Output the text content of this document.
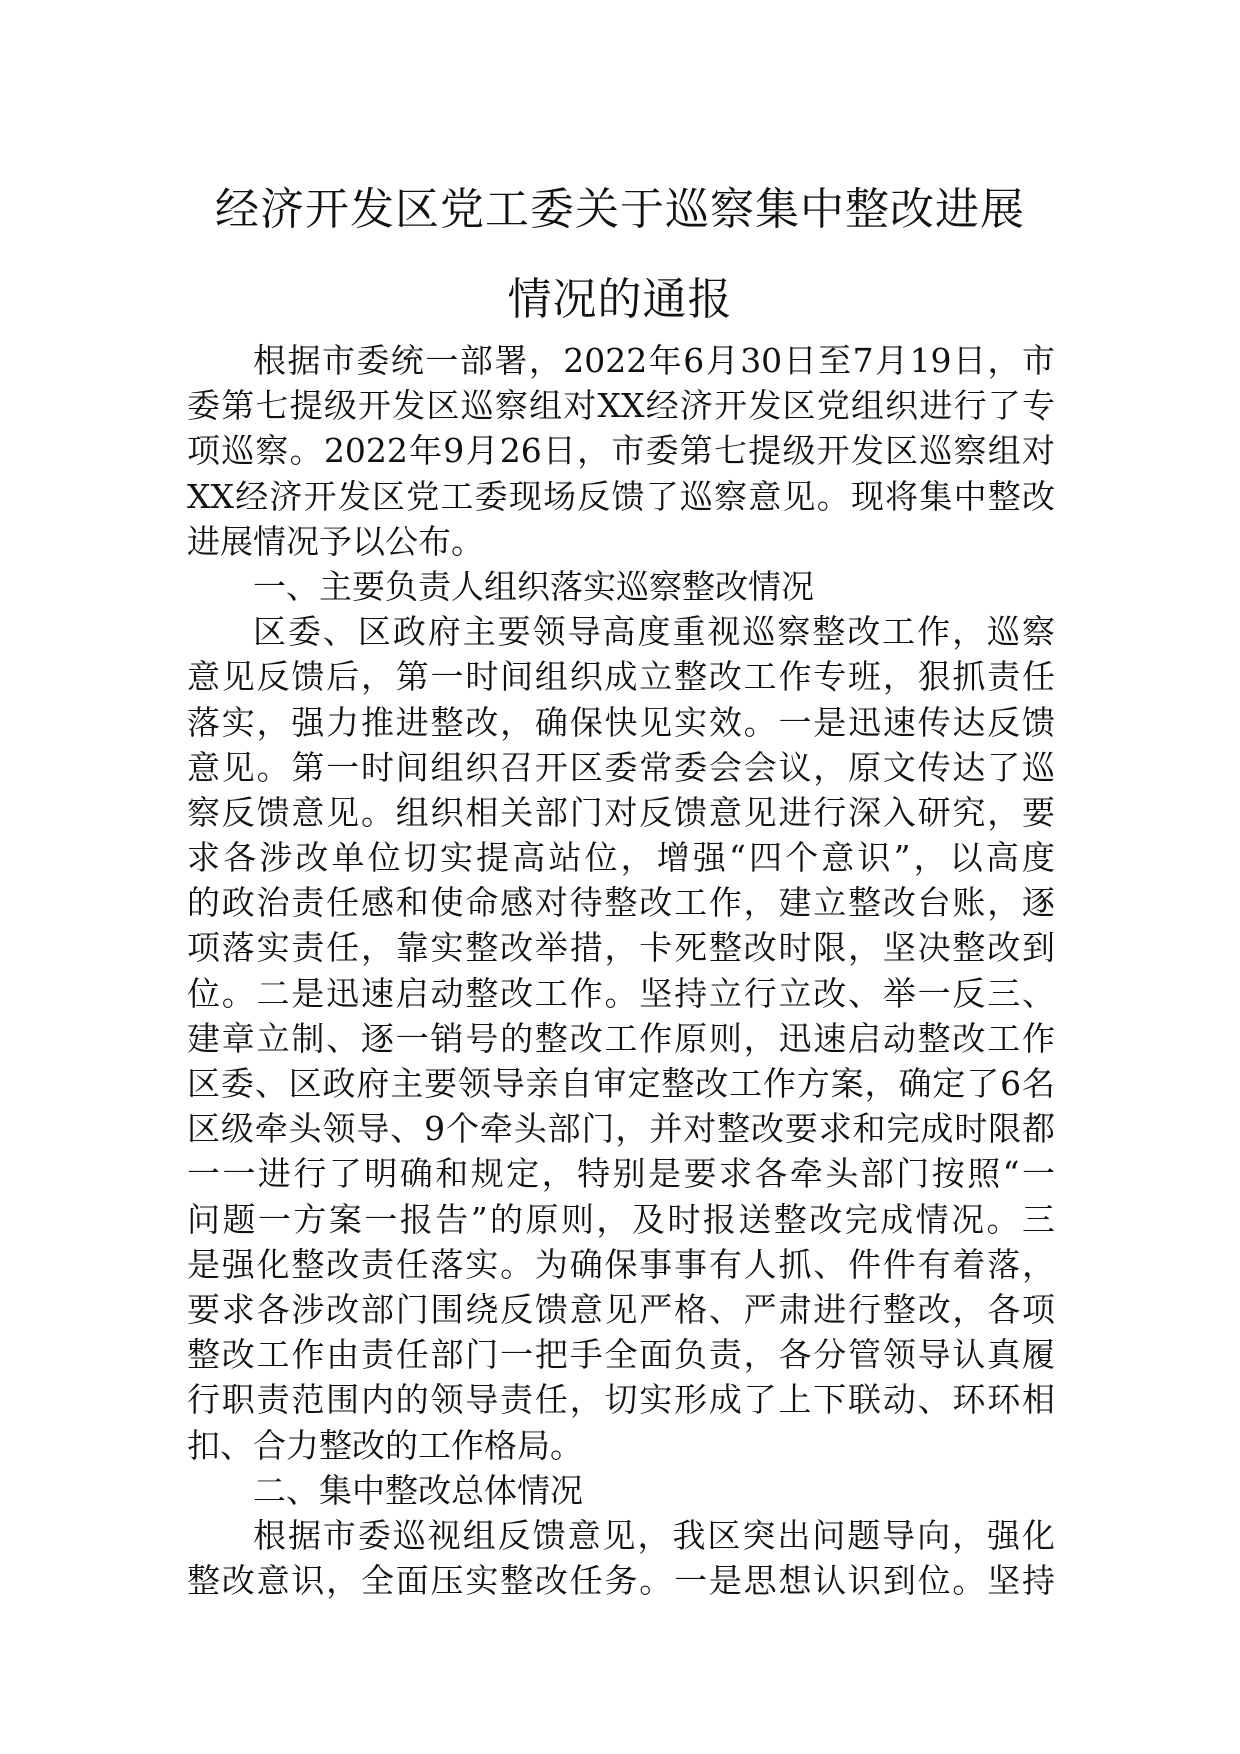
经济开发区党工委关于巡察集中整改进展
情况的通报
根据市委统一部署，2022年6月30日至7月19日，市
委第七提级开发区巡察组对XX经济开发区党组织进行了专
项巡察。2022年9月26日，市委第七提级开发区巡察组对
XX经济开发区党工委现场反馈了巡察意见。现将集中整改
进展情况予以公布。
一、主要负责人组织落实巡察整改情况
区委、区政府主要领导高度重视巡察整改工作，巡察
意见反馈后，第一时间组织成立整改工作专班，狠抓责任
落实，强力推进整改，确保快见实效。一是迅速传达反馈
意见。第一时间组织召开区委常委会会议，原文传达了巡
察反馈意见。组织相关部门对反馈意见进行深入研究，要
求各涉改单位切实提高站位，增强“四个意识”，以高度
的政治责任感和使命感对待整改工作，建立整改台账，逐
项落实责任，靠实整改举措，卡死整改时限，坚决整改到
位。二是迅速启动整改工作。坚持立行立改、举一反三、
建章立制、逐一销号的整改工作原则，迅速启动整改工作
区委、区政府主要领导亲自审定整改工作方案，确定了6名
区级牵头领导、9个牵头部门，并对整改要求和完成时限都
一一进行了明确和规定，特别是要求各牵头部门按照“一
问题一方案一报告”的原则，及时报送整改完成情况。三
是强化整改责任落实。为确保事事有人抓、件件有着落，
要求各涉改部门围绕反馈意见严格、严肃进行整改，各项
整改工作由责任部门一把手全面负责，各分管领导认真履
行职责范围内的领导责任，切实形成了上下联动、环环相
扣、合力整改的工作格局。
二、集中整改总体情况
根据市委巡视组反馈意见，我区突出问题导向，强化
整改意识，全面压实整改任务。一是思想认识到位。坚持
